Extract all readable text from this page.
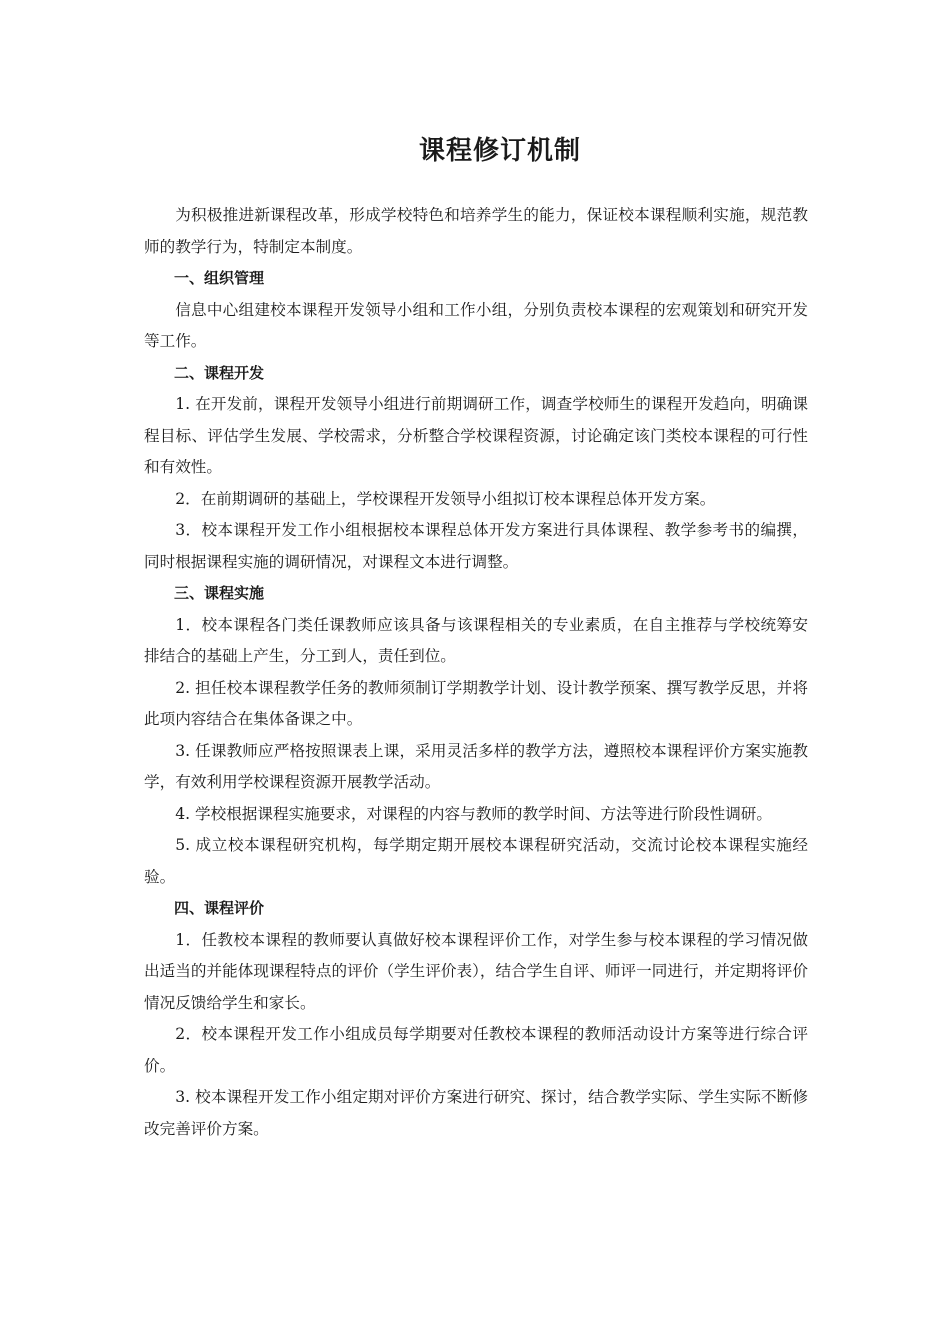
课程修订机制

为积极推进新课程改革，形成学校特色和培养学生的能力，保证校本课程顺利实施，规范教师的教学行为，特制定本制度。

一、组织管理

信息中心组建校本课程开发领导小组和工作小组，分别负责校本课程的宏观策划和研究开发等工作。

二、课程开发

1. 在开发前，课程开发领导小组进行前期调研工作，调查学校师生的课程开发趋向，明确课程目标、评估学生发展、学校需求，分析整合学校课程资源，讨论确定该门类校本课程的可行性和有效性。

2．在前期调研的基础上，学校课程开发领导小组拟订校本课程总体开发方案。

3．校本课程开发工作小组根据校本课程总体开发方案进行具体课程、教学参考书的编撰，同时根据课程实施的调研情况，对课程文本进行调整。

三、课程实施

1．校本课程各门类任课教师应该具备与该课程相关的专业素质，在自主推荐与学校统筹安排结合的基础上产生，分工到人，责任到位。

2. 担任校本课程教学任务的教师须制订学期教学计划、设计教学预案、撰写教学反思，并将此项内容结合在集体备课之中。

3. 任课教师应严格按照课表上课，采用灵活多样的教学方法，遵照校本课程评价方案实施教学，有效利用学校课程资源开展教学活动。

4. 学校根据课程实施要求，对课程的内容与教师的教学时间、方法等进行阶段性调研。

5. 成立校本课程研究机构，每学期定期开展校本课程研究活动，交流讨论校本课程实施经验。

四、课程评价

1．任教校本课程的教师要认真做好校本课程评价工作，对学生参与校本课程的学习情况做出适当的并能体现课程特点的评价（学生评价表），结合学生自评、师评一同进行，并定期将评价情况反馈给学生和家长。

2．校本课程开发工作小组成员每学期要对任教校本课程的教师活动设计方案等进行综合评价。

3. 校本课程开发工作小组定期对评价方案进行研究、探讨，结合教学实际、学生实际不断修改完善评价方案。
